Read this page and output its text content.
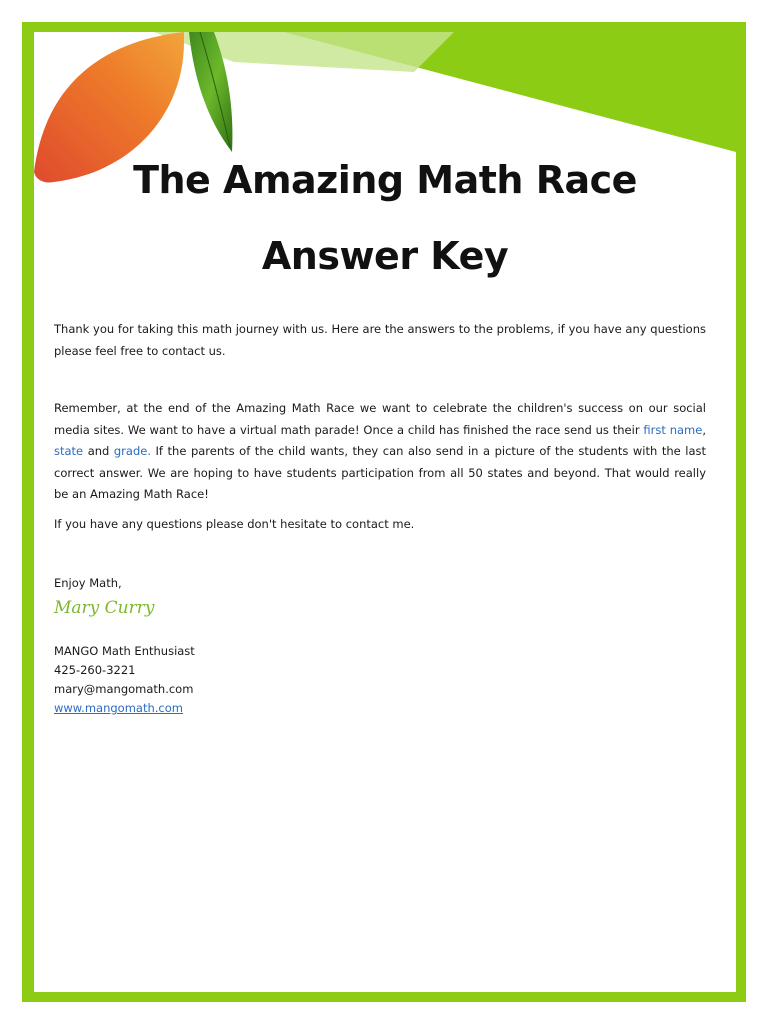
The Amazing Math Race
Answer Key
Thank you for taking this math journey with us. Here are the answers to the problems, if you have any questions please feel free to contact us.
Remember, at the end of the Amazing Math Race we want to celebrate the children's success on our social media sites. We want to have a virtual math parade! Once a child has finished the race send us their first name, state and grade. If the parents of the child wants, they can also send in a picture of the students with the last correct answer. We are hoping to have students participation from all 50 states and beyond. That would really be an Amazing Math Race!
If you have any questions please don't hesitate to contact me.
Enjoy Math,
Mary Curry
MANGO Math Enthusiast
425-260-3221
mary@mangomath.com
www.mangomath.com
